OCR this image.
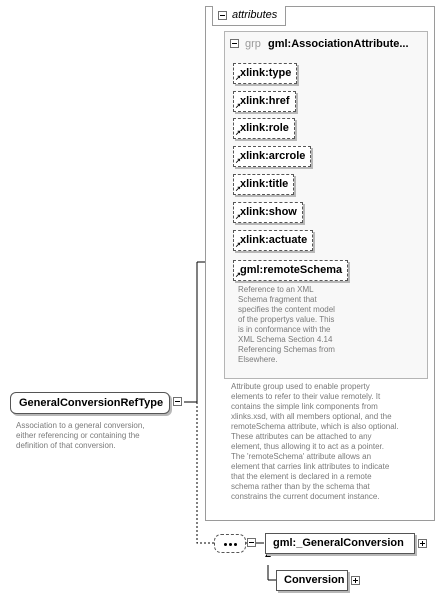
attributes
grp gml:AssociationAttribute...
↗ xlink:type
↗ xlink:href
↗ xlink:role
↗ xlink:arcrole
↗ xlink:title
↗ xlink:show
↗ xlink:actuate
↗ gml:remoteSchema
Reference to an XML
Schema fragment that
specifies the content model
of the propertys value. This
is in conformance with the
XML Schema Section 4.14
Referencing Schemas from
Elsewhere.
Attribute group used to enable property
elements to refer to their value remotely. It
contains the simple link components from
xlinks.xsd, with all members optional, and the
remoteSchema attribute, which is also optional.
These attributes can be attached to any
element, thus allowing it to act as a pointer.
The 'remoteSchema' attribute allows an
element that carries link attributes to indicate
that the element is declared in a remote
schema rather than by the schema that
constrains the current document instance.
GeneralConversionRefType
Association to a general conversion,
either referencing or containing the
definition of that conversion.
gml:_GeneralConversion
Conversion
